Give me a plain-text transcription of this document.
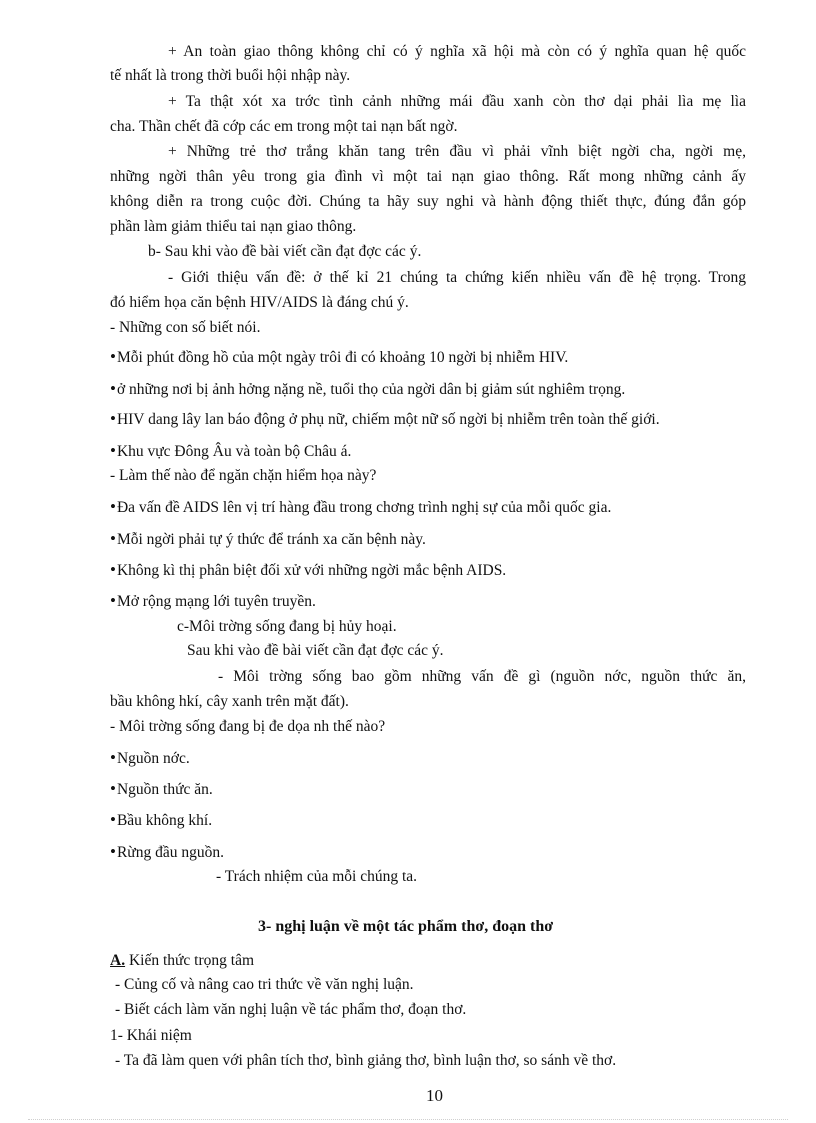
+ An toàn giao thông không chỉ có ý nghĩa xã hội mà còn có ý nghĩa quan hệ quốc
tế nhất là trong thời buổi hội nhập này.
+ Ta thật xót xa trớc tình cảnh những mái đầu xanh còn thơ dại phải lìa mẹ lìa
cha. Thần chết đã cớp các em trong một tai nạn bất ngờ.
+ Những trẻ thơ trắng khăn tang trên đầu vì phải vĩnh biệt ngời cha, ngời mẹ,
những ngời thân yêu trong gia đình vì một tai nạn giao thông. Rất mong những cảnh ấy
không diễn ra trong cuộc đời. Chúng ta hãy suy nghi và hành động thiết thực, đúng đắn góp
phần làm giảm thiểu tai nạn giao thông.
b- Sau khi vào đề bài viết cần đạt đợc các ý.
- Giới thiệu vấn đề: ở thế kỉ 21 chúng ta chứng kiến nhiều vấn đề hệ trọng. Trong
đó hiểm họa căn bệnh HIV/AIDS là đáng chú ý.
- Những con số biết nói.
• Mỗi phút đồng hồ của một ngày trôi đi có khoảng 10 ngời bị nhiễm HIV.
• ở những nơi bị ảnh hởng nặng nề, tuổi thọ của ngời dân bị giảm sút nghiêm trọng.
• HIV dang lây lan báo động ở phụ nữ, chiếm một nữ số ngời bị nhiễm trên toàn thế giới.
• Khu vực Đông Âu và toàn bộ Châu á.
- Làm thế nào để ngăn chặn hiểm họa này?
• Đa vấn đề AIDS lên vị trí hàng đầu trong chơng trình nghị sự của mỗi quốc gia.
• Mỗi ngời phải tự ý thức để tránh xa căn bệnh này.
• Không kì thị phân biệt đối xử với những ngời mắc bệnh AIDS.
• Mở rộng mạng lới tuyên truyền.
c-Môi trờng sống đang bị hủy hoại.
Sau khi vào đề bài viết cần đạt đợc các ý.
- Môi trờng sống bao gồm những vấn đề gì (nguồn nớc, nguồn thức ăn,
bầu không hkí, cây xanh trên mặt đất).
- Môi trờng sống đang bị đe dọa nh thế nào?
• Nguồn nớc.
• Nguồn thức ăn.
• Bầu không khí.
• Rừng đầu nguồn.
- Trách nhiệm của mỗi chúng ta.
3- nghị luận về một tác phẩm thơ, đoạn thơ
A. Kiến thức trọng tâm
- Củng cố và nâng cao tri thức về văn nghị luận.
- Biết cách làm văn nghị luận về tác phẩm thơ, đoạn thơ.
1- Khái niệm
- Ta đã làm quen với phân tích thơ, bình giảng thơ, bình luận thơ, so sánh về thơ.
10
